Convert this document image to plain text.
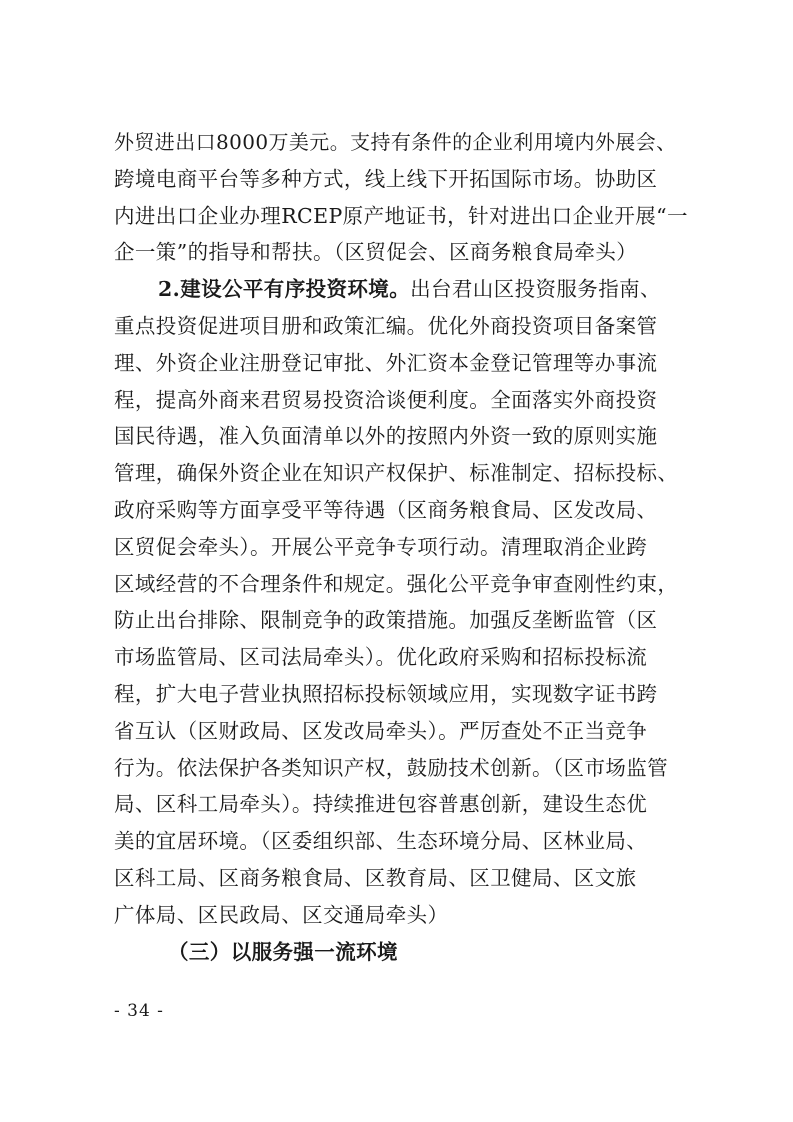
外贸进出口8000万美元。支持有条件的企业利用境内外展会、
跨境电商平台等多种方式，线上线下开拓国际市场。协助区
内进出口企业办理RCEP原产地证书，针对进出口企业开展“一
企一策”的指导和帮扶。（区贸促会、区商务粮食局牵头）
2.建设公平有序投资环境。出台君山区投资服务指南、
重点投资促进项目册和政策汇编。优化外商投资项目备案管
理、外资企业注册登记审批、外汇资本金登记管理等办事流
程，提高外商来君贸易投资洽谈便利度。全面落实外商投资
国民待遇，准入负面清单以外的按照内外资一致的原则实施
管理，确保外资企业在知识产权保护、标准制定、招标投标、
政府采购等方面享受平等待遇（区商务粮食局、区发改局、
区贸促会牵头）。开展公平竞争专项行动。清理取消企业跨
区域经营的不合理条件和规定。强化公平竞争审查刚性约束，
防止出台排除、限制竞争的政策措施。加强反垄断监管（区
市场监管局、区司法局牵头）。优化政府采购和招标投标流
程，扩大电子营业执照招标投标领域应用，实现数字证书跨
省互认（区财政局、区发改局牵头）。严厉查处不正当竞争
行为。依法保护各类知识产权，鼓励技术创新。（区市场监管
局、区科工局牵头）。持续推进包容普惠创新，建设生态优
美的宜居环境。（区委组织部、生态环境分局、区林业局、
区科工局、区商务粮食局、区教育局、区卫健局、区文旅
广体局、区民政局、区交通局牵头）
（三）以服务强一流环境
- 34 -
